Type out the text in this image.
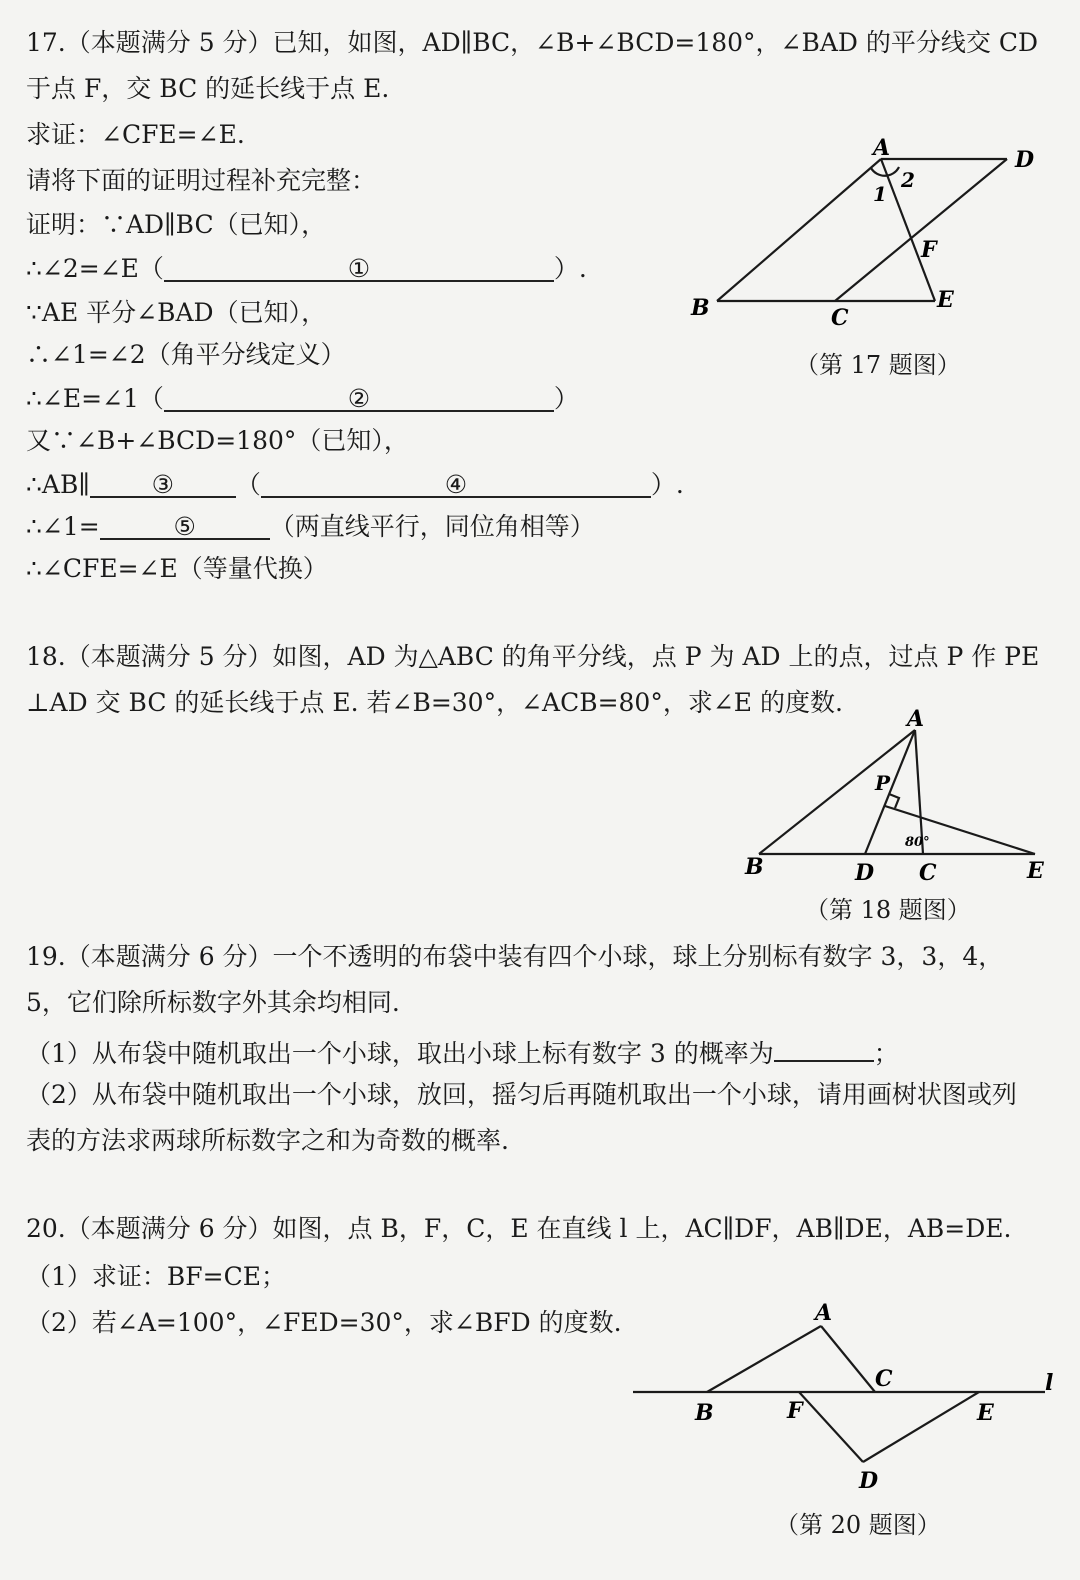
17.（本题满分 5 分）已知，如图，AD∥BC，∠B+∠BCD=180°，∠BAD 的平分线交 CD
于点 F，交 BC 的延长线于点 E.
求证：∠CFE=∠E.
请将下面的证明过程补充完整：
证明：∵AD∥BC（已知），
∴∠2=∠E（	①	）.
∵AE 平分∠BAD（已知），
∴∠1=∠2（角平分线定义）
∴∠E=∠1（	②	）
又∵∠B+∠BCD=180°（已知），
∴AB∥ ③ （	④	）.
∴∠1=	⑤	（两直线平行，同位角相等）
∴∠CFE=∠E（等量代换）
A	D
B	C
E
F
1
2
（第 17 题图）
18.（本题满分 5 分）如图，AD 为△ABC 的角平分线，点 P 为 AD 上的点，过点 P 作 PE
⊥AD 交 BC 的延长线于点 E. 若∠B=30°，∠ACB=80°，求∠E 的度数.
A
P
B	D C	E
80°
（第 18 题图）
19.（本题满分 6 分）一个不透明的布袋中装有四个小球，球上分别标有数字 3，3，4，
5，它们除所标数字外其余均相同.
（1）从布袋中随机取出一个小球，取出小球上标有数字 3 的概率为	；
（2）从布袋中随机取出一个小球，放回，摇匀后再随机取出一个小球，请用画树状图或列
表的方法求两球所标数字之和为奇数的概率.
20.（本题满分 6 分）如图，点 B，F，C，E 在直线 l 上，AC∥DF，AB∥DE，AB=DE.
（1）求证：BF=CE；
（2）若∠A=100°，∠FED=30°，求∠BFD 的度数.	A
C	l
B	F	E
D
（第 20 题图）
